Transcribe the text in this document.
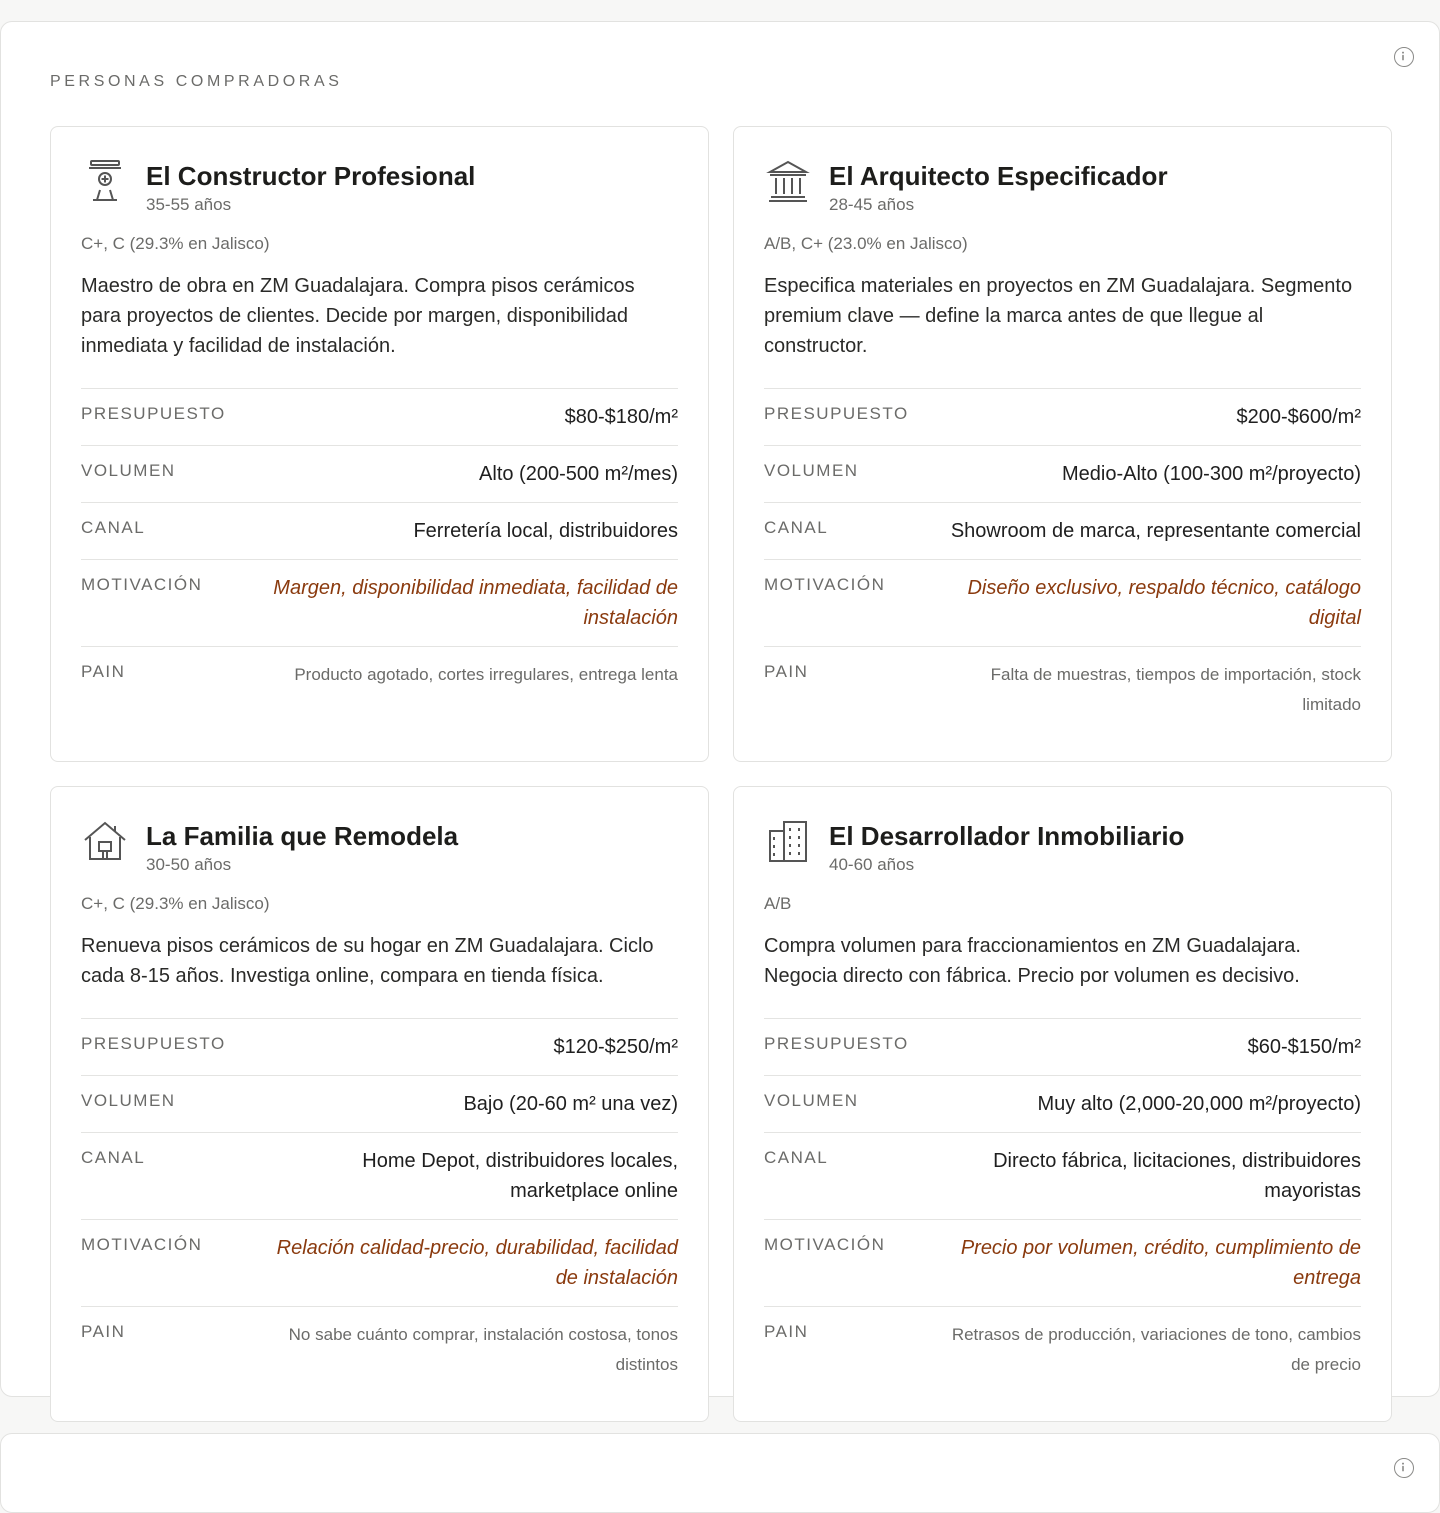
PERSONAS COMPRADORAS
El Constructor Profesional
35-55 años
C+, C (29.3% en Jalisco)
Maestro de obra en ZM Guadalajara. Compra pisos cerámicos para proyectos de clientes. Decide por margen, disponibilidad inmediata y facilidad de instalación.
PRESUPUESTO	$80-$180/m²
VOLUMEN	Alto (200-500 m²/mes)
CANAL	Ferretería local, distribuidores
MOTIVACIÓN	Margen, disponibilidad inmediata, facilidad de instalación
PAIN	Producto agotado, cortes irregulares, entrega lenta
El Arquitecto Especificador
28-45 años
A/B, C+ (23.0% en Jalisco)
Especifica materiales en proyectos en ZM Guadalajara. Segmento premium clave — define la marca antes de que llegue al constructor.
PRESUPUESTO	$200-$600/m²
VOLUMEN	Medio-Alto (100-300 m²/proyecto)
CANAL	Showroom de marca, representante comercial
MOTIVACIÓN	Diseño exclusivo, respaldo técnico, catálogo digital
PAIN	Falta de muestras, tiempos de importación, stock limitado
La Familia que Remodela
30-50 años
C+, C (29.3% en Jalisco)
Renueva pisos cerámicos de su hogar en ZM Guadalajara. Ciclo cada 8-15 años. Investiga online, compara en tienda física.
PRESUPUESTO	$120-$250/m²
VOLUMEN	Bajo (20-60 m² una vez)
CANAL	Home Depot, distribuidores locales, marketplace online
MOTIVACIÓN	Relación calidad-precio, durabilidad, facilidad de instalación
PAIN	No sabe cuánto comprar, instalación costosa, tonos distintos
El Desarrollador Inmobiliario
40-60 años
A/B
Compra volumen para fraccionamientos en ZM Guadalajara. Negocia directo con fábrica. Precio por volumen es decisivo.
PRESUPUESTO	$60-$150/m²
VOLUMEN	Muy alto (2,000-20,000 m²/proyecto)
CANAL	Directo fábrica, licitaciones, distribuidores mayoristas
MOTIVACIÓN	Precio por volumen, crédito, cumplimiento de entrega
PAIN	Retrasos de producción, variaciones de tono, cambios de precio
